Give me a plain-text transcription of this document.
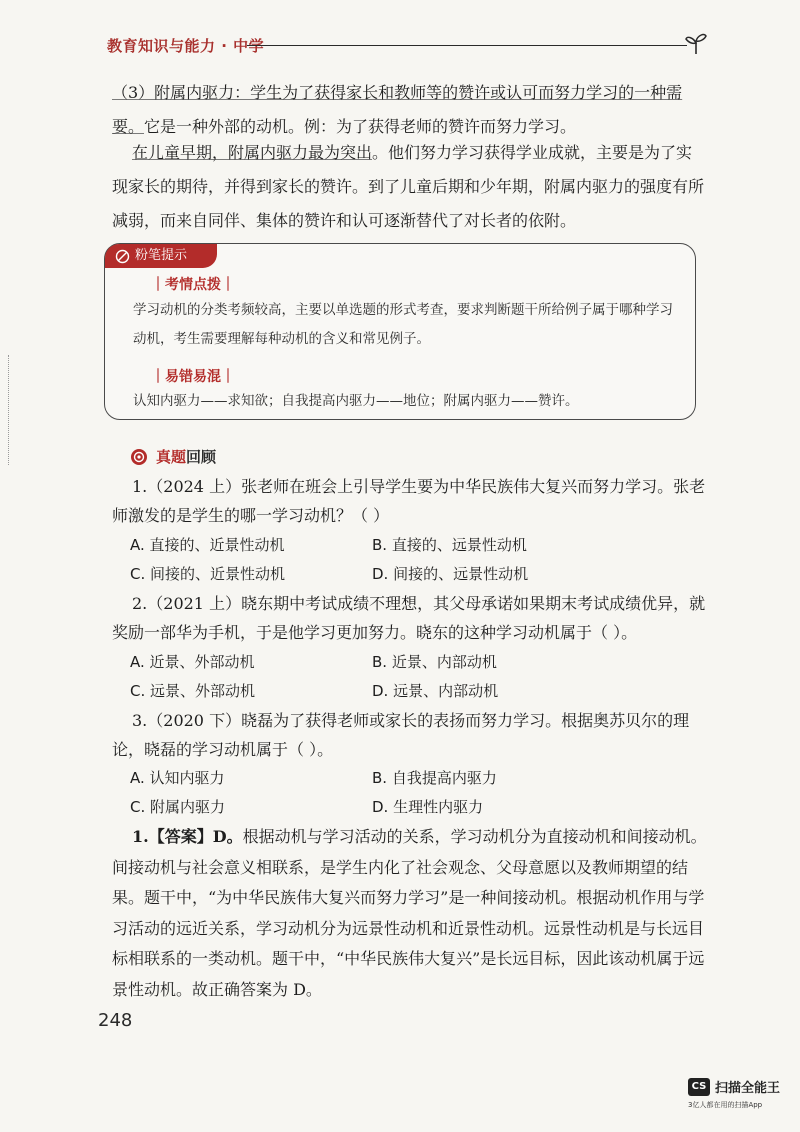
教育知识与能力 · 中学
（3）附属内驱力：学生为了获得家长和教师等的赞许或认可而努力学习的一种需要。它是一种外部的动机。例：为了获得老师的赞许而努力学习。
在儿童早期，附属内驱力最为突出。他们努力学习获得学业成就，主要是为了实现家长的期待，并得到家长的赞许。到了儿童后期和少年期，附属内驱力的强度有所减弱，而来自同伴、集体的赞许和认可逐渐替代了对长者的依附。
粉笔提示
｜考情点拨｜
学习动机的分类考频较高，主要以单选题的形式考查，要求判断题干所给例子属于哪种学习动机，考生需要理解每种动机的含义和常见例子。
｜易错易混｜
认知内驱力——求知欲；自我提高内驱力——地位；附属内驱力——赞许。
真题回顾
1.（2024 上）张老师在班会上引导学生要为中华民族伟大复兴而努力学习。张老师激发的是学生的哪一学习动机？（ ）
A. 直接的、近景性动机	B. 直接的、远景性动机
C. 间接的、近景性动机	D. 间接的、远景性动机
2.（2021 上）晓东期中考试成绩不理想，其父母承诺如果期末考试成绩优异，就奖励一部华为手机，于是他学习更加努力。晓东的这种学习动机属于（ ）。
A. 近景、外部动机	B. 近景、内部动机
C. 远景、外部动机	D. 远景、内部动机
3.（2020 下）晓磊为了获得老师或家长的表扬而努力学习。根据奥苏贝尔的理论，晓磊的学习动机属于（ ）。
A. 认知内驱力	B. 自我提高内驱力
C. 附属内驱力	D. 生理性内驱力
1.【答案】D。根据动机与学习活动的关系，学习动机分为直接动机和间接动机。间接动机与社会意义相联系，是学生内化了社会观念、父母意愿以及教师期望的结果。题干中，“为中华民族伟大复兴而努力学习”是一种间接动机。根据动机作用与学习活动的远近关系，学习动机分为远景性动机和近景性动机。远景性动机是与长远目标相联系的一类动机。题干中，“中华民族伟大复兴”是长远目标，因此该动机属于远景性动机。故正确答案为 D。
248
CS 扫描全能王
3亿人都在用的扫描App
